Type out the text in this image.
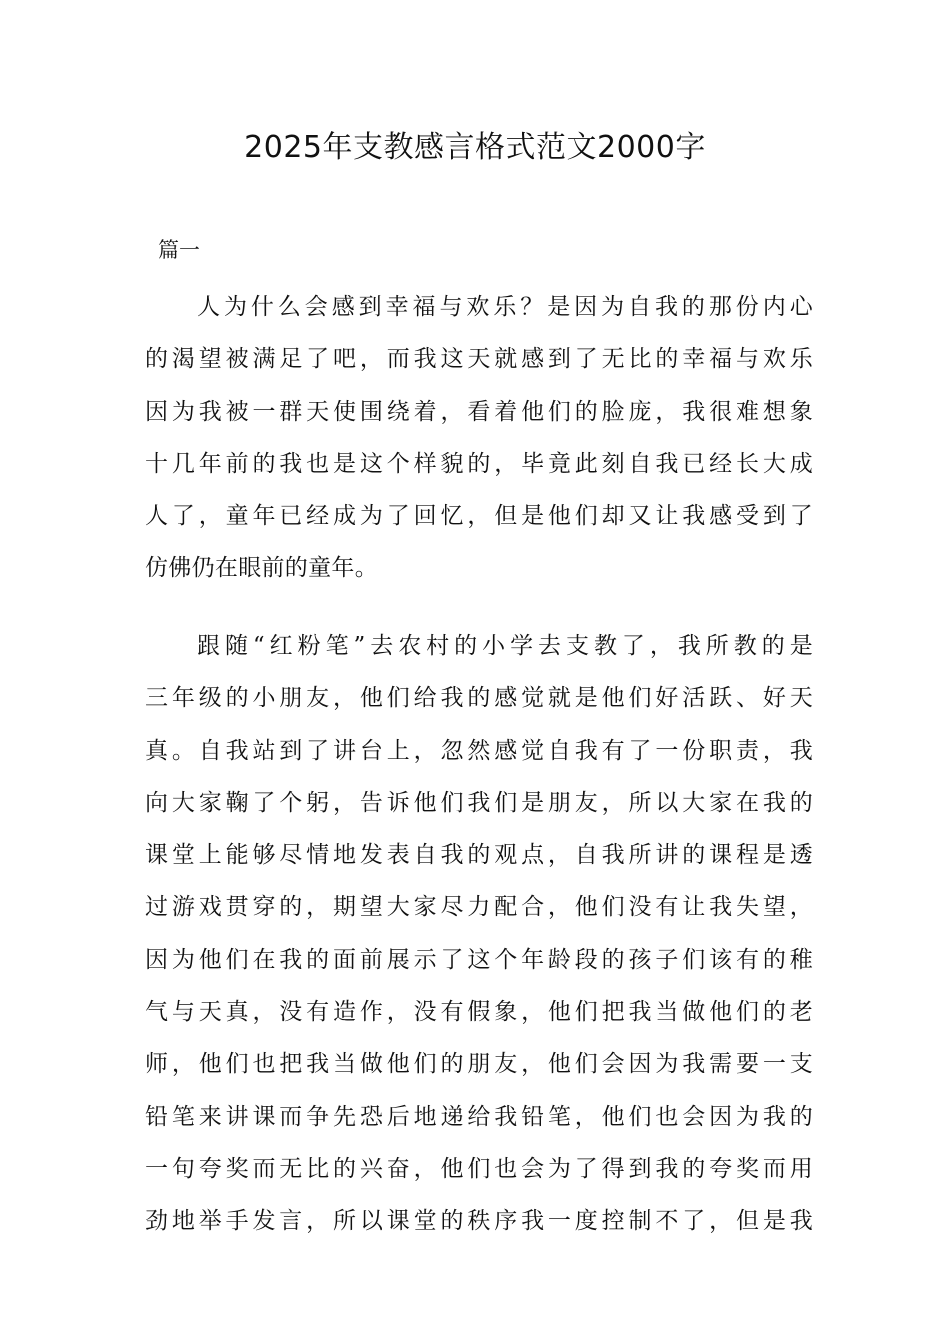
2025年支教感言格式范文2000字
篇一
人为什么会感到幸福与欢乐？是因为自我的那份内心
的渴望被满足了吧，而我这天就感到了无比的幸福与欢乐
因为我被一群天使围绕着，看着他们的脸庞，我很难想象
十几年前的我也是这个样貌的，毕竟此刻自我已经长大成
人了，童年已经成为了回忆，但是他们却又让我感受到了
仿佛仍在眼前的童年。
跟随“红粉笔”去农村的小学去支教了，我所教的是
三年级的小朋友，他们给我的感觉就是他们好活跃、好天
真。自我站到了讲台上，忽然感觉自我有了一份职责，我
向大家鞠了个躬，告诉他们我们是朋友，所以大家在我的
课堂上能够尽情地发表自我的观点，自我所讲的课程是透
过游戏贯穿的，期望大家尽力配合，他们没有让我失望，
因为他们在我的面前展示了这个年龄段的孩子们该有的稚
气与天真，没有造作，没有假象，他们把我当做他们的老
师，他们也把我当做他们的朋友，他们会因为我需要一支
铅笔来讲课而争先恐后地递给我铅笔，他们也会因为我的
一句夸奖而无比的兴奋，他们也会为了得到我的夸奖而用
劲地举手发言，所以课堂的秩序我一度控制不了，但是我
